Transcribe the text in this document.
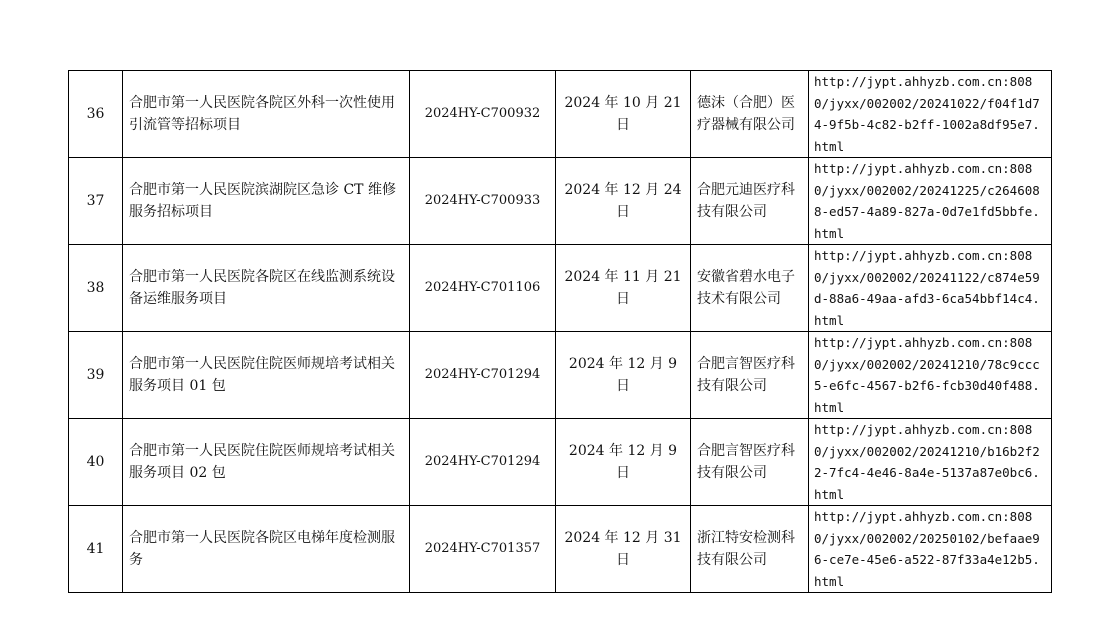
36	合肥市第一人民医院各院区外科一次性使用引流管等招标项目	2024HY-C700932	2024 年 10 月 21 日	德沫（合肥）医疗器械有限公司	http://jypt.ahhyzb.com.cn:8080/jyxx/002002/20241022/f04f1d74-9f5b-4c82-b2ff-1002a8df95e7.html
37	合肥市第一人民医院滨湖院区急诊 CT 维修服务招标项目	2024HY-C700933	2024 年 12 月 24 日	合肥元迪医疗科技有限公司	http://jypt.ahhyzb.com.cn:8080/jyxx/002002/20241225/c2646088-ed57-4a89-827a-0d7e1fd5bbfe.html
38	合肥市第一人民医院各院区在线监测系统设备运维服务项目	2024HY-C701106	2024 年 11 月 21 日	安徽省碧水电子技术有限公司	http://jypt.ahhyzb.com.cn:8080/jyxx/002002/20241122/c874e59d-88a6-49aa-afd3-6ca54bbf14c4.html
39	合肥市第一人民医院住院医师规培考试相关服务项目 01 包	2024HY-C701294	2024 年 12 月 9 日	合肥言智医疗科技有限公司	http://jypt.ahhyzb.com.cn:8080/jyxx/002002/20241210/78c9ccc5-e6fc-4567-b2f6-fcb30d40f488.html
40	合肥市第一人民医院住院医师规培考试相关服务项目 02 包	2024HY-C701294	2024 年 12 月 9 日	合肥言智医疗科技有限公司	http://jypt.ahhyzb.com.cn:8080/jyxx/002002/20241210/b16b2f22-7fc4-4e46-8a4e-5137a87e0bc6.html
41	合肥市第一人民医院各院区电梯年度检测服务	2024HY-C701357	2024 年 12 月 31 日	浙江特安检测科技有限公司	http://jypt.ahhyzb.com.cn:8080/jyxx/002002/20250102/befaae96-ce7e-45e6-a522-87f33a4e12b5.html
